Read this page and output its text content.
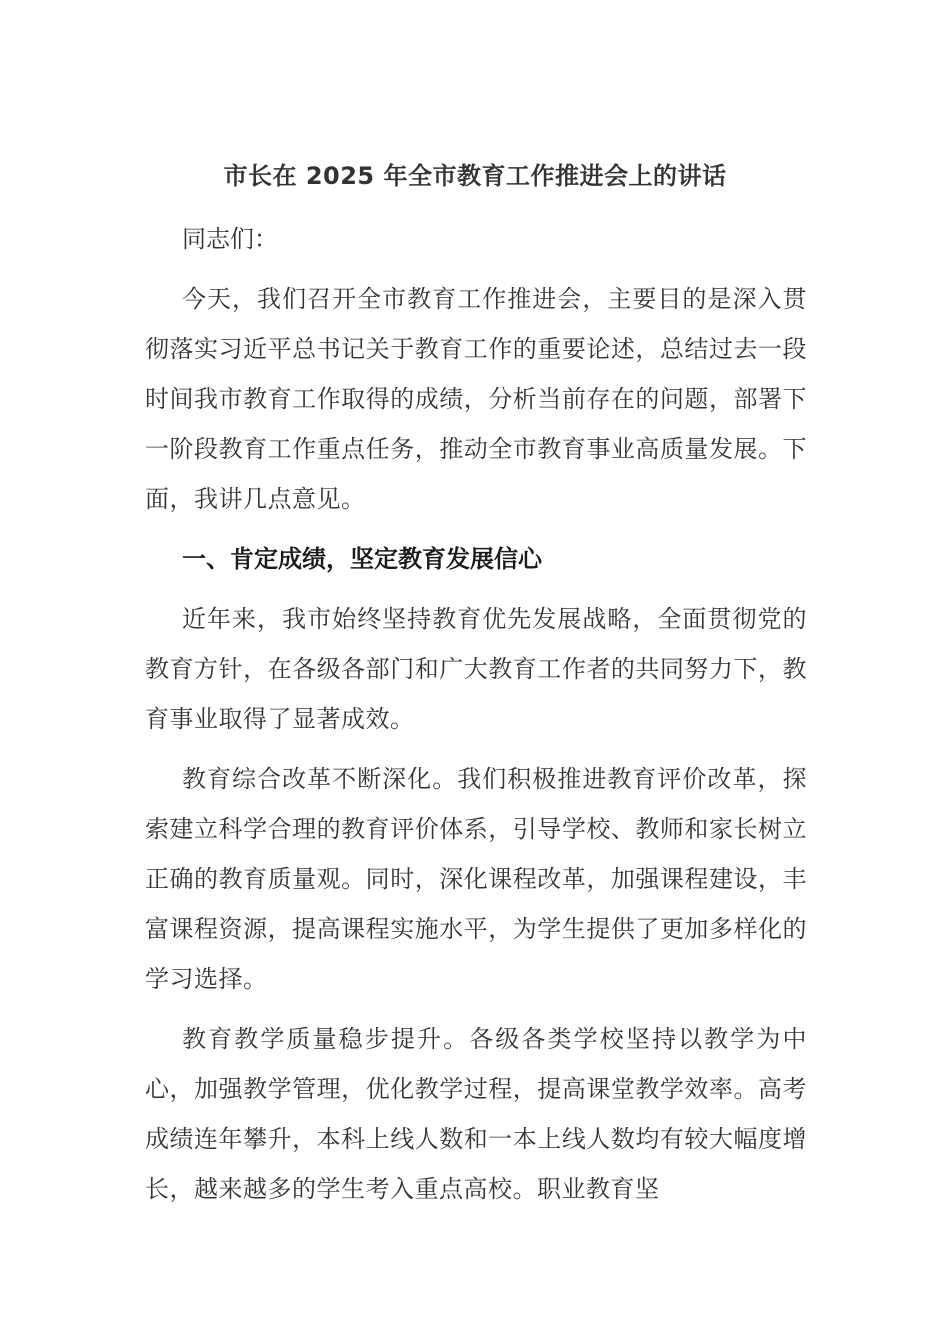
市长在 2025 年全市教育工作推进会上的讲话

同志们：

今天，我们召开全市教育工作推进会，主要目的是深入贯彻落实习近平总书记关于教育工作的重要论述，总结过去一段时间我市教育工作取得的成绩，分析当前存在的问题，部署下一阶段教育工作重点任务，推动全市教育事业高质量发展。下面，我讲几点意见。

一、肯定成绩，坚定教育发展信心

近年来，我市始终坚持教育优先发展战略，全面贯彻党的教育方针，在各级各部门和广大教育工作者的共同努力下，教育事业取得了显著成效。

教育综合改革不断深化。我们积极推进教育评价改革，探索建立科学合理的教育评价体系，引导学校、教师和家长树立正确的教育质量观。同时，深化课程改革，加强课程建设，丰富课程资源，提高课程实施水平，为学生提供了更加多样化的学习选择。

教育教学质量稳步提升。各级各类学校坚持以教学为中心，加强教学管理，优化教学过程，提高课堂教学效率。高考成绩连年攀升，本科上线人数和一本上线人数均有较大幅度增长，越来越多的学生考入重点高校。职业教育坚
